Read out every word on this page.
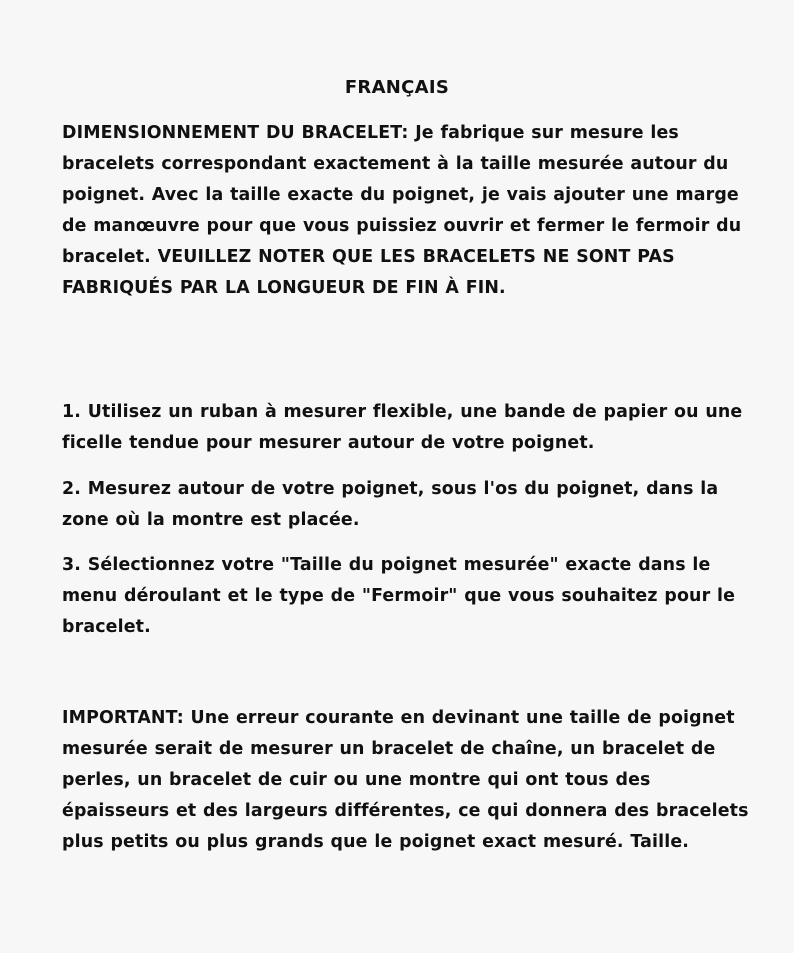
FRANÇAIS

DIMENSIONNEMENT DU BRACELET: Je fabrique sur mesure les bracelets correspondant exactement à la taille mesurée autour du poignet. Avec la taille exacte du poignet, je vais ajouter une marge de manœuvre pour que vous puissiez ouvrir et fermer le fermoir du bracelet. VEUILLEZ NOTER QUE LES BRACELETS NE SONT PAS FABRIQUÉS PAR LA LONGUEUR DE FIN À FIN.

1. Utilisez un ruban à mesurer flexible, une bande de papier ou une ficelle tendue pour mesurer autour de votre poignet.

2. Mesurez autour de votre poignet, sous l'os du poignet, dans la zone où la montre est placée.

3. Sélectionnez votre "Taille du poignet mesurée" exacte dans le menu déroulant et le type de "Fermoir" que vous souhaitez pour le bracelet.

IMPORTANT: Une erreur courante en devinant une taille de poignet mesurée serait de mesurer un bracelet de chaîne, un bracelet de perles, un bracelet de cuir ou une montre qui ont tous des épaisseurs et des largeurs différentes, ce qui donnera des bracelets plus petits ou plus grands que le poignet exact mesuré. Taille.
